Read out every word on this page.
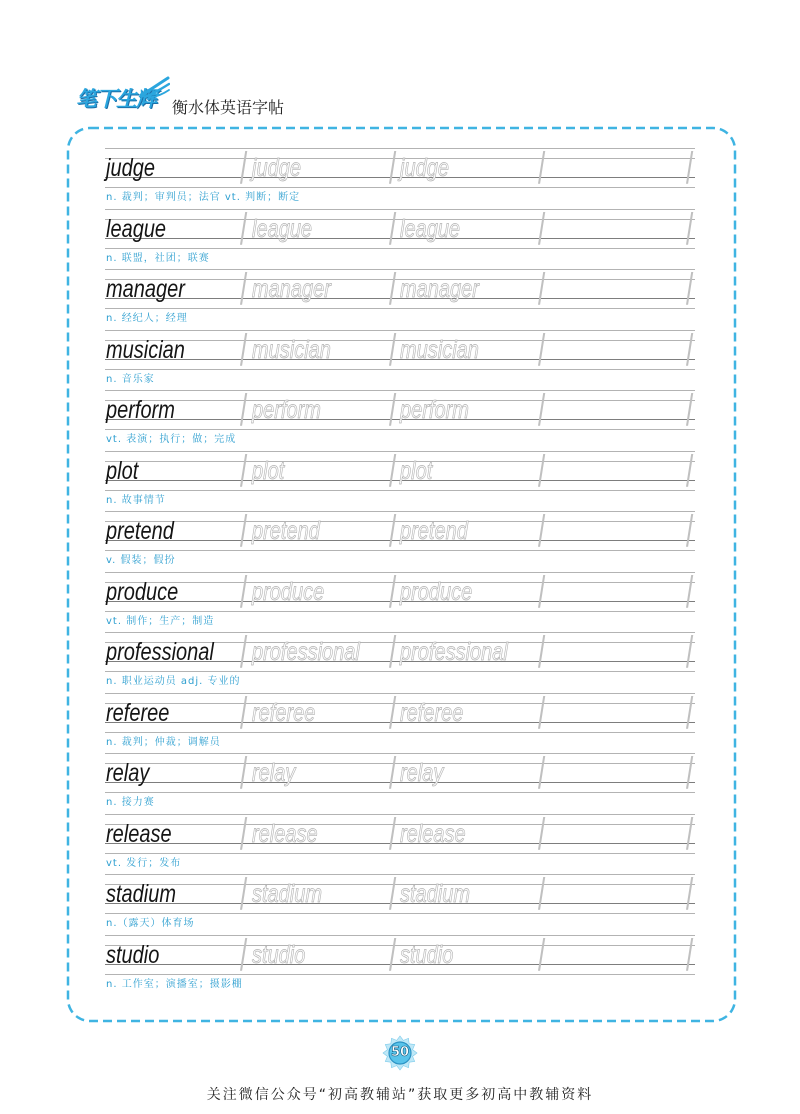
笔下生辉 衡水体英语字帖
judge	/ judge	/ judge	/	/
n. 裁判；审判员；法官 vt. 判断；断定
league	/ league	/ league	/	/
n. 联盟，社团；联赛
manager / manager / manager /	/
n. 经纪人；经理
musician / musician / musician /	/
n. 音乐家
perform	/ perform	/ perform	/	/
vt. 表演；执行；做；完成
plot	/ plot	/ plot	/	/
n. 故事情节
pretend	/ pretend	/ pretend	/	/
v. 假装；假扮
produce / produce / produce	/	/
vt. 制作；生产；制造
professional / professional / professional /	/
n. 职业运动员 adj. 专业的
referee	/ referee	/ referee	/	/
n. 裁判；仲裁；调解员
relay	/ relay	/ relay	/	/
n. 接力赛
release	/ release	/ release	/	/
vt. 发行；发布
stadium / stadium	/ stadium	/	/
n.（露天）体育场
studio	/ studio	/ studio	/	/
n. 工作室；演播室；摄影棚
50
关注微信公众号“初高教辅站”获取更多初高中教辅资料
